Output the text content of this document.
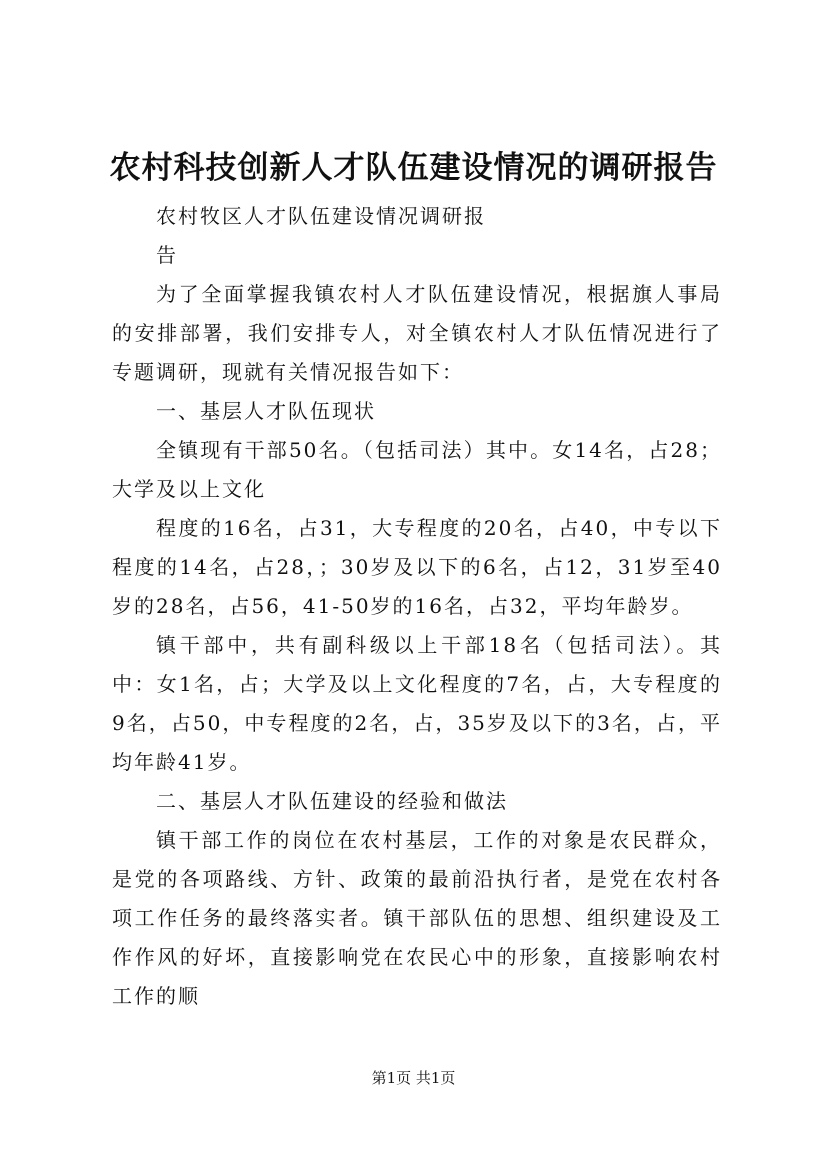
农村科技创新人才队伍建设情况的调研报告

农村牧区人才队伍建设情况调研报

告

为了全面掌握我镇农村人才队伍建设情况，根据旗人事局的安排部署，我们安排专人，对全镇农村人才队伍情况进行了专题调研，现就有关情况报告如下：

一、基层人才队伍现状

全镇现有干部50名。（包括司法）其中。女14名，占28；大学及以上文化

程度的16名，占31，大专程度的20名，占40，中专以下程度的14名，占28，；30岁及以下的6名，占12，31岁至40岁的28名，占56，41-50岁的16名，占32，平均年龄岁。

镇干部中，共有副科级以上干部18名（包括司法）。其中：女1名，占；大学及以上文化程度的7名，占，大专程度的9名，占50，中专程度的2名，占，35岁及以下的3名，占，平均年龄41岁。

二、基层人才队伍建设的经验和做法

镇干部工作的岗位在农村基层，工作的对象是农民群众，是党的各项路线、方针、政策的最前沿执行者，是党在农村各项工作任务的最终落实者。镇干部队伍的思想、组织建设及工作作风的好坏，直接影响党在农民心中的形象，直接影响农村工作的顺

第1页 共1页
